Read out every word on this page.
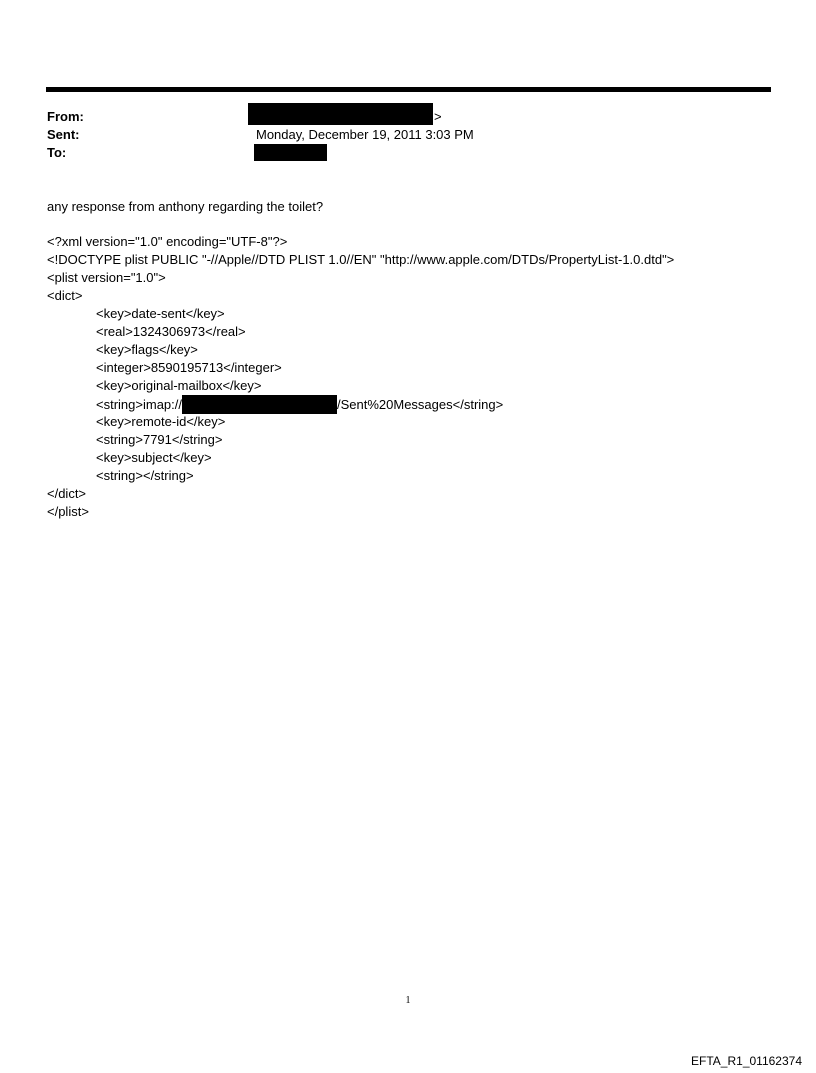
From:	>
Sent:	Monday, December 19, 2011 3:03 PM
To:
any response from anthony regarding the toilet?
<?xml version="1.0" encoding="UTF-8"?>
<!DOCTYPE plist PUBLIC "-//Apple//DTD PLIST 1.0//EN" "http://www.apple.com/DTDs/PropertyList-1.0.dtd">
<plist version="1.0">
<dict>
<key>date-sent</key>
<real>1324306973</real>
<key>flags</key>
<integer>8590195713</integer>
<key>original-mailbox</key>
<string>imap://	/Sent%20Messages</string>
<key>remote-id</key>
<string>7791</string>
<key>subject</key>
<string></string>
</dict>
</plist>
1
EFTA_R1_01162374
